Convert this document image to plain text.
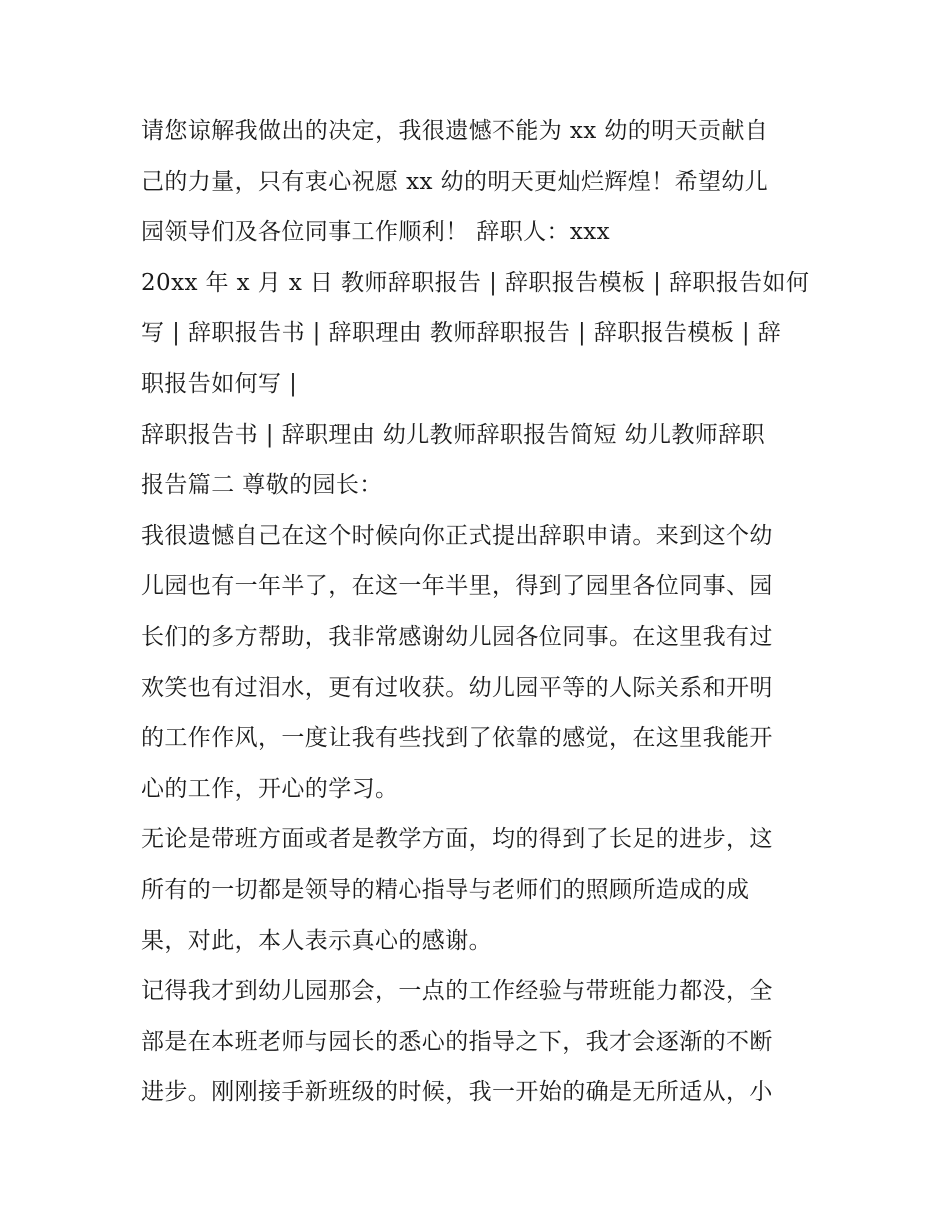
请您谅解我做出的决定，我很遗憾不能为 xx 幼的明天贡献自
己的力量，只有衷心祝愿 xx 幼的明天更灿烂辉煌！希望幼儿
园领导们及各位同事工作顺利！ 辞职人：xxx
20xx 年 x 月 x 日 教师辞职报告 | 辞职报告模板 | 辞职报告如何
写 | 辞职报告书 | 辞职理由 教师辞职报告 | 辞职报告模板 | 辞
职报告如何写 |
辞职报告书 | 辞职理由 幼儿教师辞职报告简短 幼儿教师辞职
报告篇二 尊敬的园长：
我很遗憾自己在这个时候向你正式提出辞职申请。来到这个幼
儿园也有一年半了，在这一年半里，得到了园里各位同事、园
长们的多方帮助，我非常感谢幼儿园各位同事。在这里我有过
欢笑也有过泪水，更有过收获。幼儿园平等的人际关系和开明
的工作作风，一度让我有些找到了依靠的感觉，在这里我能开
心的工作，开心的学习。
无论是带班方面或者是教学方面，均的得到了长足的进步，这
所有的一切都是领导的精心指导与老师们的照顾所造成的成
果，对此，本人表示真心的感谢。
记得我才到幼儿园那会，一点的工作经验与带班能力都没，全
部是在本班老师与园长的悉心的指导之下，我才会逐渐的不断
进步。刚刚接手新班级的时候，我一开始的确是无所适从，小
